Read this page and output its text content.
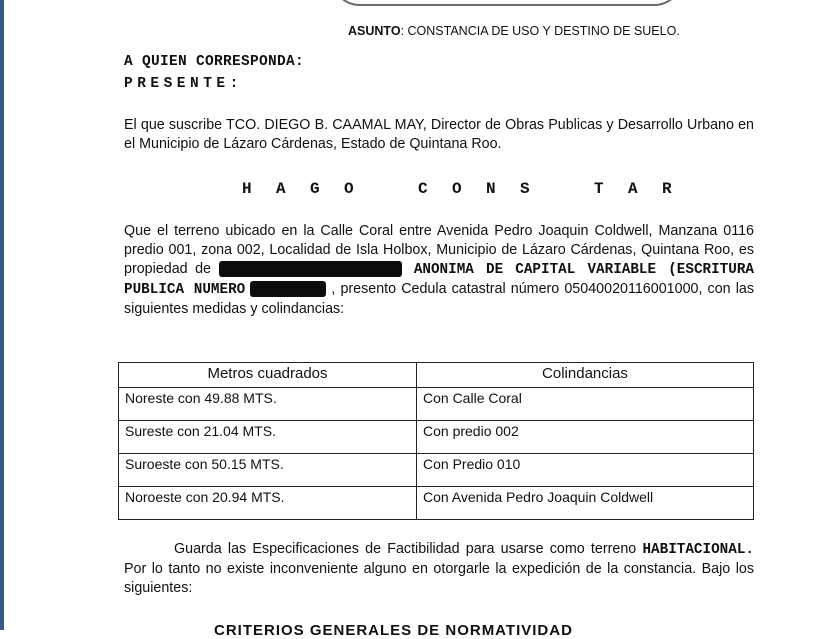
ASUNTO: CONSTANCIA DE USO Y DESTINO DE SUELO.
A QUIEN CORRESPONDA:
PRESENTE:
El que suscribe TCO. DIEGO B. CAAMAL MAY, Director de Obras Publicas y Desarrollo Urbano en el Municipio de Lázaro Cárdenas, Estado de Quintana Roo.
H A G O	C O N S	T A R
Que el terreno ubicado en la Calle Coral entre Avenida Pedro Joaquin Coldwell, Manzana 0116 predio 001, zona 002, Localidad de Isla Holbox, Municipio de Lázaro Cárdenas, Quintana Roo, es propiedad de XXXXXXXXXX XXXXXXXX ANONIMA DE CAPITAL VARIABLE (ESCRITURA PUBLICA NUMERO XXX XXXX , presento Cedula catastral número 05040020116001000, con las siguientes medidas y colindancias:
Metros cuadrados	Colindancias
Noreste con 49.88 MTS.	Con Calle Coral
Sureste con 21.04 MTS.	Con predio 002
Suroeste con 50.15 MTS.	Con Predio 010
Noroeste con 20.94 MTS.	Con Avenida Pedro Joaquin Coldwell
Guarda las Especificaciones de Factibilidad para usarse como terreno HABITACIONAL. Por lo tanto no existe inconveniente alguno en otorgarle la expedición de la constancia. Bajo los siguientes:
CRITERIOS GENERALES DE NORMATIVIDAD
